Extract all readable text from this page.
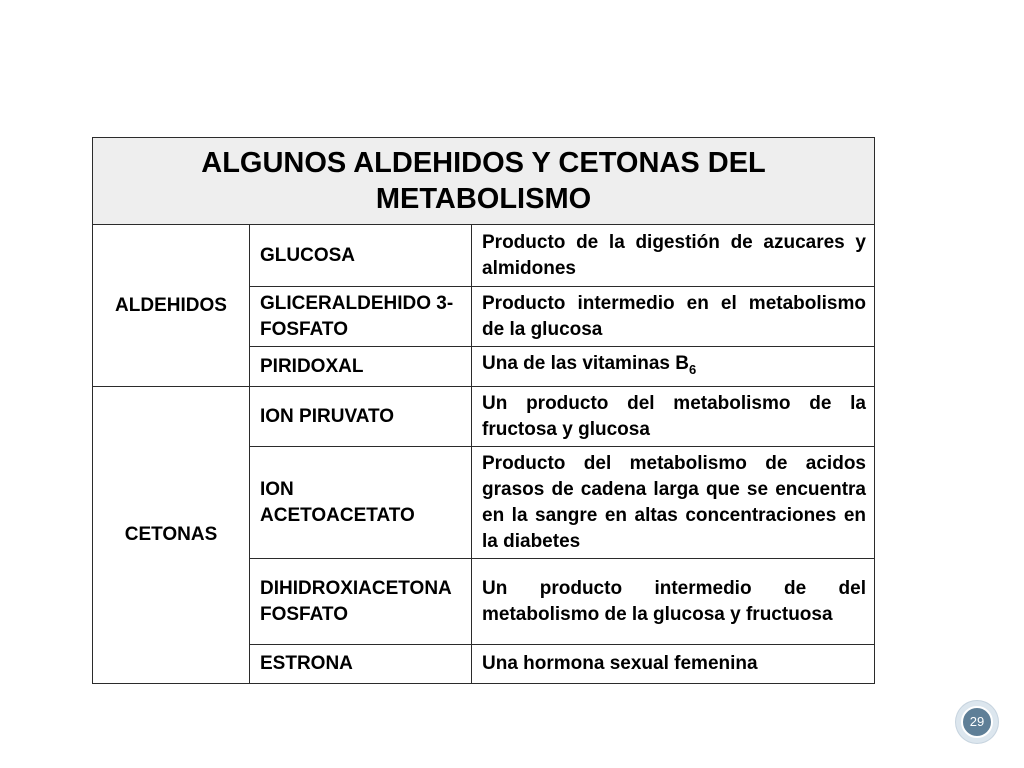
ALGUNOS ALDEHIDOS Y CETONAS DEL METABOLISMO		
ALDEHIDOS	GLUCOSA	Producto de la digestión de azucares y almidones
	GLICERALDEHIDO 3-FOSFATO	Producto intermedio en el metabolismo de la glucosa
	PIRIDOXAL	Una de las vitaminas $B_6$
CETONAS	ION PIRUVATO	Un producto del metabolismo de la fructosa y glucosa
	ION ACETOACETATO	Producto del metabolismo de acidos grasos de cadena larga que se encuentra en la sangre en altas concentraciones en la diabetes
	DIHIDROXIACETONA FOSFATO	Un producto intermedio de del metabolismo de la glucosa y fructuosa
	ESTRONA	Una hormona sexual femenina
29
